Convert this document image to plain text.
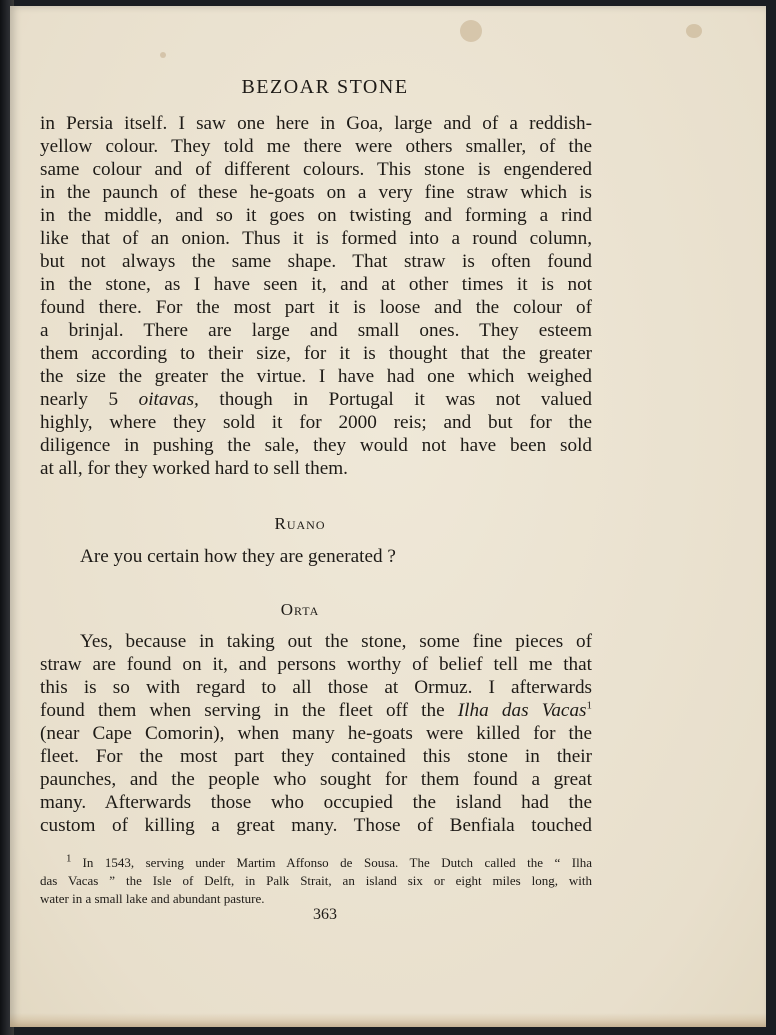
BEZOAR STONE

in Persia itself. I saw one here in Goa, large and of a reddish-
yellow colour. They told me there were others smaller, of the
same colour and of different colours. This stone is engendered
in the paunch of these he-goats on a very fine straw which is
in the middle, and so it goes on twisting and forming a rind
like that of an onion. Thus it is formed into a round column,
but not always the same shape. That straw is often found
in the stone, as I have seen it, and at other times it is not
found there. For the most part it is loose and the colour of
a brinjal. There are large and small ones. They esteem
them according to their size, for it is thought that the greater
the size the greater the virtue. I have had one which weighed
nearly 5 oitavas, though in Portugal it was not valued
highly, where they sold it for 2000 reis; and but for the
diligence in pushing the sale, they would not have been sold
at all, for they worked hard to sell them.

Ruano

Are you certain how they are generated ?

Orta

Yes, because in taking out the stone, some fine pieces of
straw are found on it, and persons worthy of belief tell me that
this is so with regard to all those at Ormuz. I afterwards
found them when serving in the fleet off the Ilha das Vacas$^1$
(near Cape Comorin), when many he-goats were killed for the
fleet. For the most part they contained this stone in their
paunches, and the people who sought for them found a great
many. Afterwards those who occupied the island had the
custom of killing a great many. Those of Benfiala touched

$^1$ In 1543, serving under Martim Affonso de Sousa. The Dutch called the “ Ilha
das Vacas ” the Isle of Delft, in Palk Strait, an island six or eight miles long, with
water in a small lake and abundant pasture.
363
